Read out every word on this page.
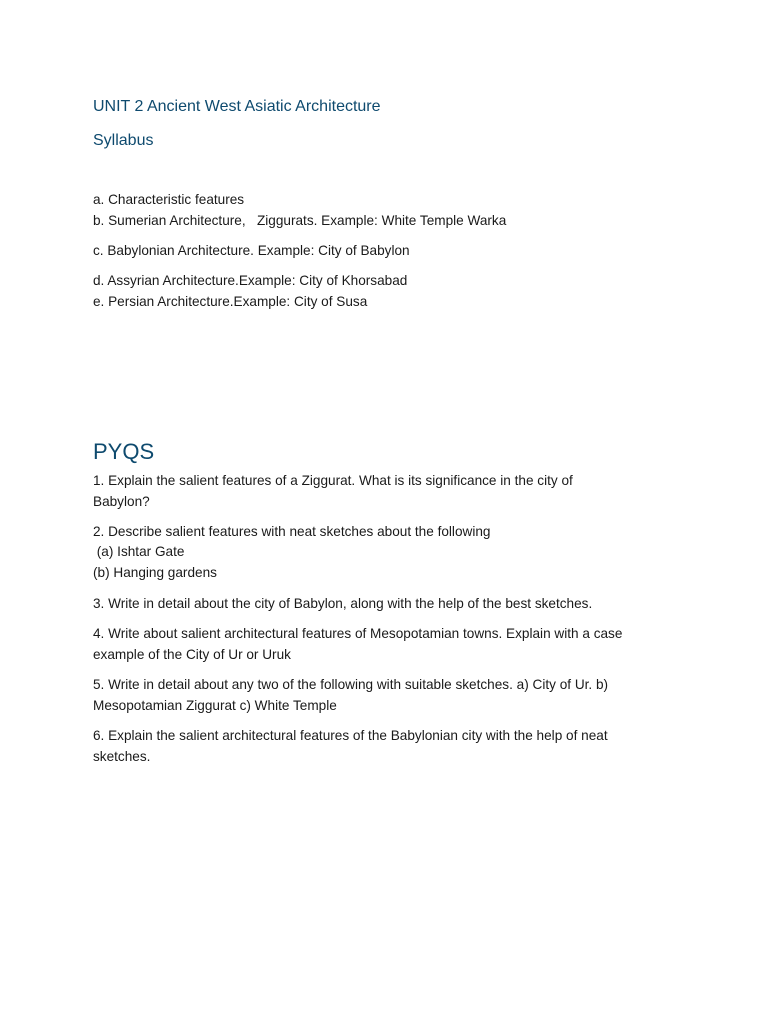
UNIT 2 Ancient West Asiatic Architecture
Syllabus
a. Characteristic features
b. Sumerian Architecture,   Ziggurats. Example: White Temple Warka
c. Babylonian Architecture. Example: City of Babylon
d. Assyrian Architecture.Example: City of Khorsabad
e. Persian Architecture.Example: City of Susa
PYQS
1. Explain the salient features of a Ziggurat. What is its significance in the city of Babylon?
2. Describe salient features with neat sketches about the following
(a) Ishtar Gate
(b) Hanging gardens
3. Write in detail about the city of Babylon, along with the help of the best sketches.
4. Write about salient architectural features of Mesopotamian towns. Explain with a case example of the City of Ur or Uruk
5. Write in detail about any two of the following with suitable sketches. a) City of Ur. b) Mesopotamian Ziggurat c) White Temple
6. Explain the salient architectural features of the Babylonian city with the help of neat sketches.
